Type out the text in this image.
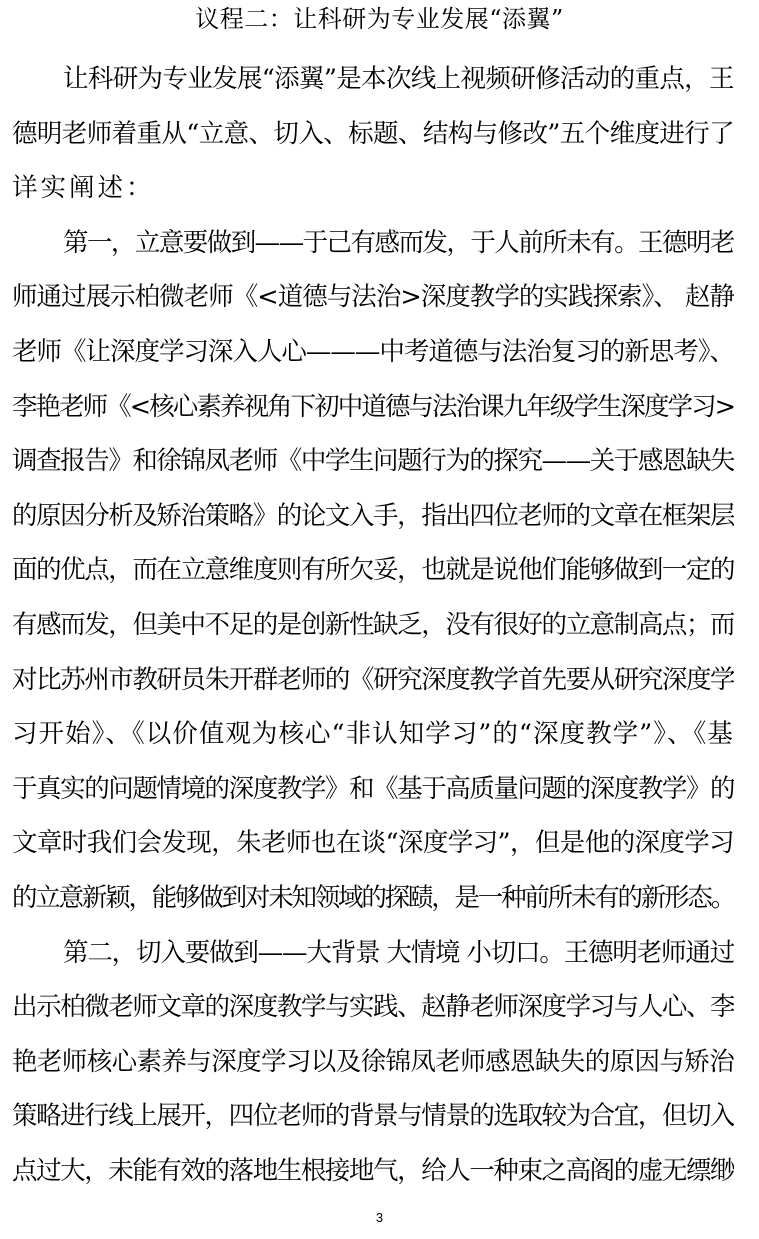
议程二：让科研为专业发展“添翼”
让科研为专业发展“添翼”是本次线上视频研修活动的重点，王
德明老师着重从“立意、切入、标题、结构与修改”五个维度进行了
详实阐述：
第一，立意要做到——于己有感而发，于人前所未有。王德明老
师通过展示柏微老师《<道德与法治>深度教学的实践探索》、 赵静
老师《让深度学习深入人心———中考道德与法治复习的新思考》、
李艳老师《<核心素养视角下初中道德与法治课九年级学生深度学习>
调查报告》和徐锦凤老师《中学生问题行为的探究——关于感恩缺失
的原因分析及矫治策略》的论文入手，指出四位老师的文章在框架层
面的优点，而在立意维度则有所欠妥，也就是说他们能够做到一定的
有感而发，但美中不足的是创新性缺乏，没有很好的立意制高点；而
对比苏州市教研员朱开群老师的《研究深度教学首先要从研究深度学
习开始》、《以价值观为核心“非认知学习”的“深度教学”》、《基
于真实的问题情境的深度教学》和《基于高质量问题的深度教学》的
文章时我们会发现，朱老师也在谈“深度学习”，但是他的深度学习
的立意新颖，能够做到对未知领域的探赜，是一种前所未有的新形态。
第二，切入要做到——大背景 大情境 小切口。王德明老师通过
出示柏微老师文章的深度教学与实践、赵静老师深度学习与人心、李
艳老师核心素养与深度学习以及徐锦凤老师感恩缺失的原因与矫治
策略进行线上展开，四位老师的背景与情景的选取较为合宜，但切入
点过大，未能有效的落地生根接地气，给人一种束之高阁的虚无缥缈
3
